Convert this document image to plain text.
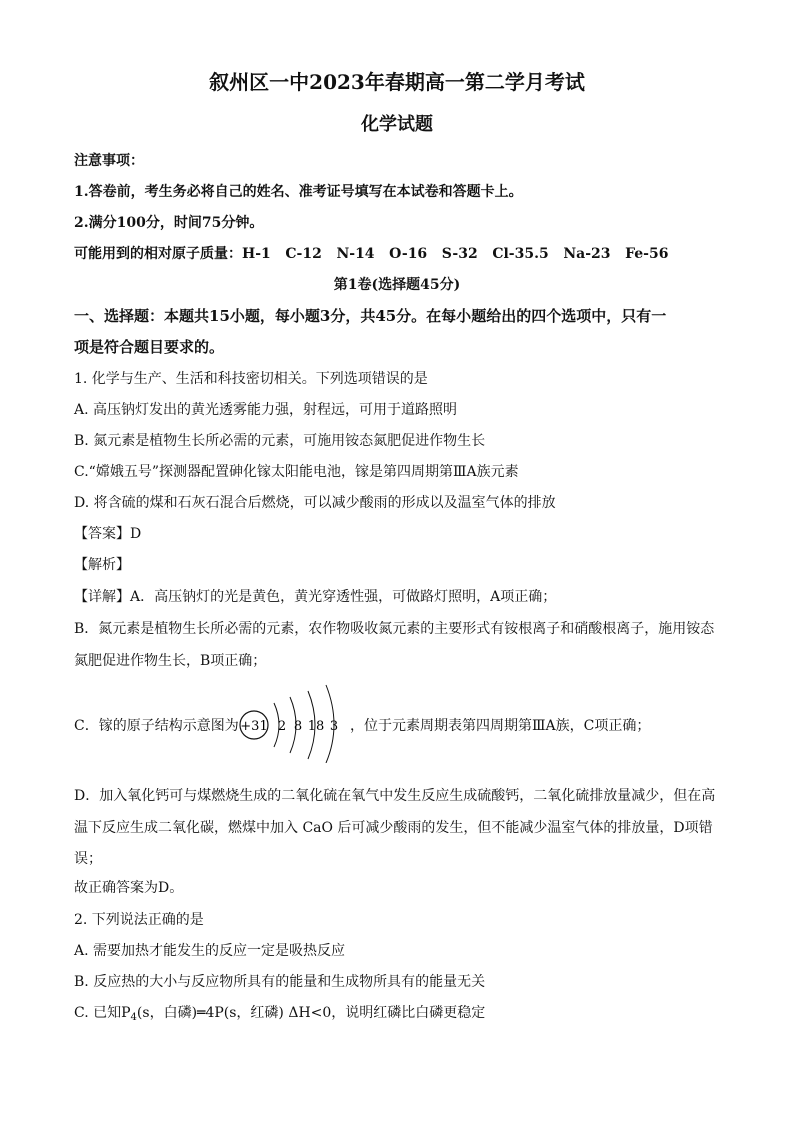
叙州区一中2023年春期高一第二学月考试
化学试题
注意事项：
1.答卷前，考生务必将自己的姓名、准考证号填写在本试卷和答题卡上。
2.满分100分，时间75分钟。
可能用到的相对原子质量：H-1   C-12   N-14   O-16   S-32   Cl-35.5   Na-23   Fe-56
第1卷(选择题45分)
一、选择题：本题共15小题，每小题3分，共45分。在每小题给出的四个选项中，只有一
项是符合题目要求的。
1. 化学与生产、生活和科技密切相关。下列选项错误的是
A. 高压钠灯发出的黄光透雾能力强，射程远，可用于道路照明
B. 氮元素是植物生长所必需的元素，可施用铵态氮肥促进作物生长
C.“嫦娥五号”探测器配置砷化镓太阳能电池，镓是第四周期第ⅢA族元素
D. 将含硫的煤和石灰石混合后燃烧，可以减少酸雨的形成以及温室气体的排放
【答案】D
【解析】
【详解】A．高压钠灯的光是黄色，黄光穿透性强，可做路灯照明，A项正确；
B．氮元素是植物生长所必需的元素，农作物吸收氮元素的主要形式有铵根离子和硝酸根离子，施用铵态
氮肥促进作物生长，B项正确；
C．镓的原子结构示意图为 +31 2 8 18 3 ，位于元素周期表第四周期第ⅢA族，C项正确；
D．加入氧化钙可与煤燃烧生成的二氧化硫在氧气中发生反应生成硫酸钙，二氧化硫排放量减少，但在高
温下反应生成二氧化碳，燃煤中加入 CaO 后可减少酸雨的发生，但不能减少温室气体的排放量，D项错
误；
故正确答案为D。
2. 下列说法正确的是
A. 需要加热才能发生的反应一定是吸热反应
B. 反应热的大小与反应物所具有的能量和生成物所具有的能量无关
C. 已知$P_4(s$，白磷)═4P(s，红磷) ΔH<0，说明红磷比白磷更稳定
